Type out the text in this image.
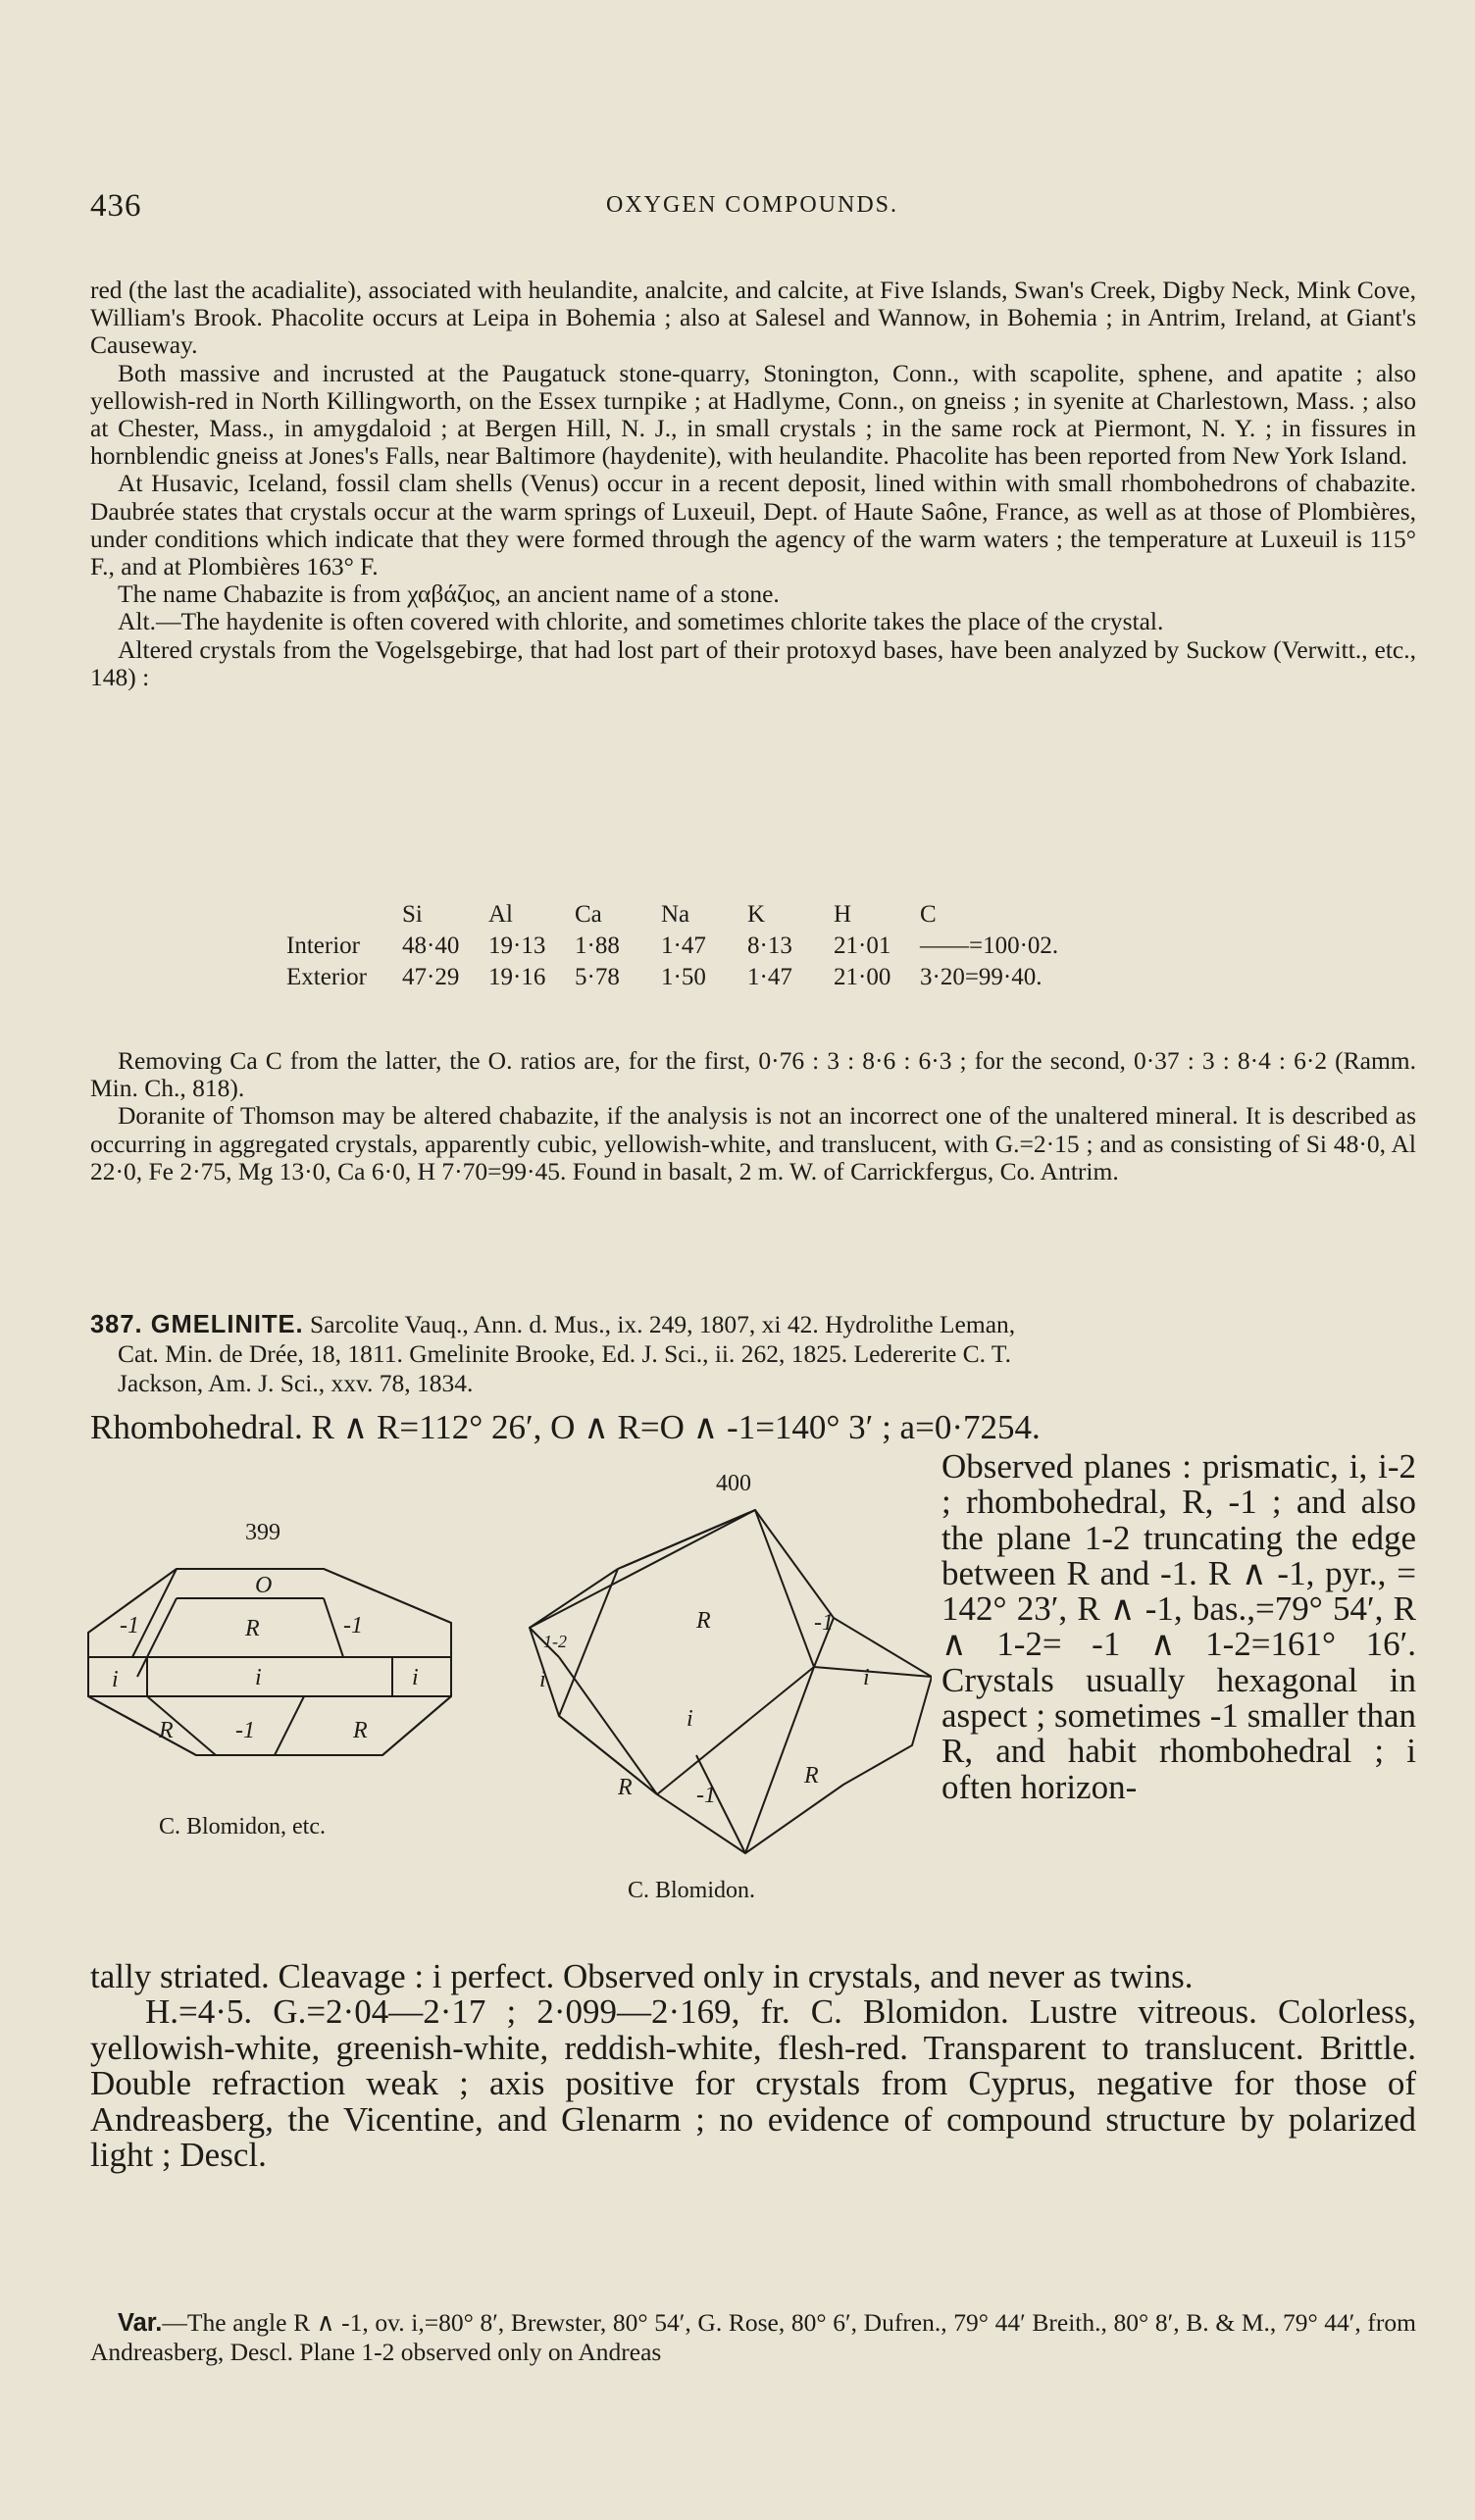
436	OXYGEN COMPOUNDS.

red (the last the acadialite), associated with heulandite, analcite, and calcite, at Five Islands, Swan's Creek, Digby Neck, Mink Cove, William's Brook. Phacolite occurs at Leipa in Bohemia ; also at Salesel and Wannow, in Bohemia ; in Antrim, Ireland, at Giant's Causeway.

Both massive and incrusted at the Paugatuck stone-quarry, Stonington, Conn., with scapolite, sphene, and apatite ; also yellowish-red in North Killingworth, on the Essex turnpike ; at Hadlyme, Conn., on gneiss ; in syenite at Charlestown, Mass. ; also at Chester, Mass., in amygdaloid ; at Bergen Hill, N. J., in small crystals ; in the same rock at Piermont, N. Y. ; in fissures in hornblendic gneiss at Jones's Falls, near Baltimore (haydenite), with heulandite. Phacolite has been reported from New York Island.

At Husavic, Iceland, fossil clam shells (Venus) occur in a recent deposit, lined within with small rhombohedrons of chabazite. Daubrée states that crystals occur at the warm springs of Luxeuil, Dept. of Haute Saône, France, as well as at those of Plombières, under conditions which indicate that they were formed through the agency of the warm waters ; the temperature at Luxeuil is 115° F., and at Plombières 163° F.

The name Chabazite is from χαβάζιος, an ancient name of a stone.

Alt.—The haydenite is often covered with chlorite, and sometimes chlorite takes the place of the crystal.

Altered crystals from the Vogelsgebirge, that had lost part of their protoxyd bases, have been analyzed by Suckow (Verwitt., etc., 148) :

	Si	Al	Ca	Na	K	H	C
Interior	48·40	19·13	1·88	1·47	8·13	21·01	——=100·02.
Exterior	47·29	19·16	5·78	1·50	1·47	21·00	3·20=99·40.

Removing Ca C from the latter, the O. ratios are, for the first, 0·76 : 3 : 8·6 : 6·3 ; for the second, 0·37 : 3 : 8·4 : 6·2 (Ramm. Min. Ch., 818).

Doranite of Thomson may be altered chabazite, if the analysis is not an incorrect one of the unaltered mineral. It is described as occurring in aggregated crystals, apparently cubic, yellowish-white, and translucent, with G.=2·15 ; and as consisting of Si 48·0, Al 22·0, Fe 2·75, Mg 13·0, Ca 6·0, H 7·70=99·45. Found in basalt, 2 m. W. of Carrickfergus, Co. Antrim.

387. GMELINITE. Sarcolite Vauq., Ann. d. Mus., ix. 249, 1807, xi 42. Hydrolithe Leman,

Cat. Min. de Drée, 18, 1811. Gmelinite Brooke, Ed. J. Sci., ii. 262, 1825. Ledererite C. T.

Jackson, Am. J. Sci., xxv. 78, 1834.

Rhombohedral. R ∧ R=112° 26′, O ∧ R=O ∧ -1=140° 3′ ; a=0·7254.
O
-1	R	-1
i	i	i
R	-1	R
R	-1
i
i
i
R	R
-1
1-2
399
400
C. Blomidon, etc.
C. Blomidon.

Observed planes : prismatic, i, i-2 ; rhombohedral, R, -1 ; and also the plane 1-2 truncating the edge between R and -1. R ∧ -1, pyr., = 142° 23′, R ∧ -1, bas.,=79° 54′, R ∧ 1-2= -1 ∧ 1-2=161° 16′. Crystals usually hexagonal in aspect ; sometimes -1 smaller than R, and habit rhombohedral ; i often horizon-

tally striated. Cleavage : i perfect. Observed only in crystals, and never as twins.

H.=4·5. G.=2·04—2·17 ; 2·099—2·169, fr. C. Blomidon. Lustre vitreous. Colorless, yellowish-white, greenish-white, reddish-white, flesh-red. Transparent to translucent. Brittle. Double refraction weak ; axis positive for crystals from Cyprus, negative for those of Andreasberg, the Vicentine, and Glenarm ; no evidence of compound structure by polarized light ; Descl.

Var.—The angle R ∧ -1, ov. i,=80° 8′, Brewster, 80° 54′, G. Rose, 80° 6′, Dufren., 79° 44′ Breith., 80° 8′, B. & M., 79° 44′, from Andreasberg, Descl. Plane 1-2 observed only on Andreas
